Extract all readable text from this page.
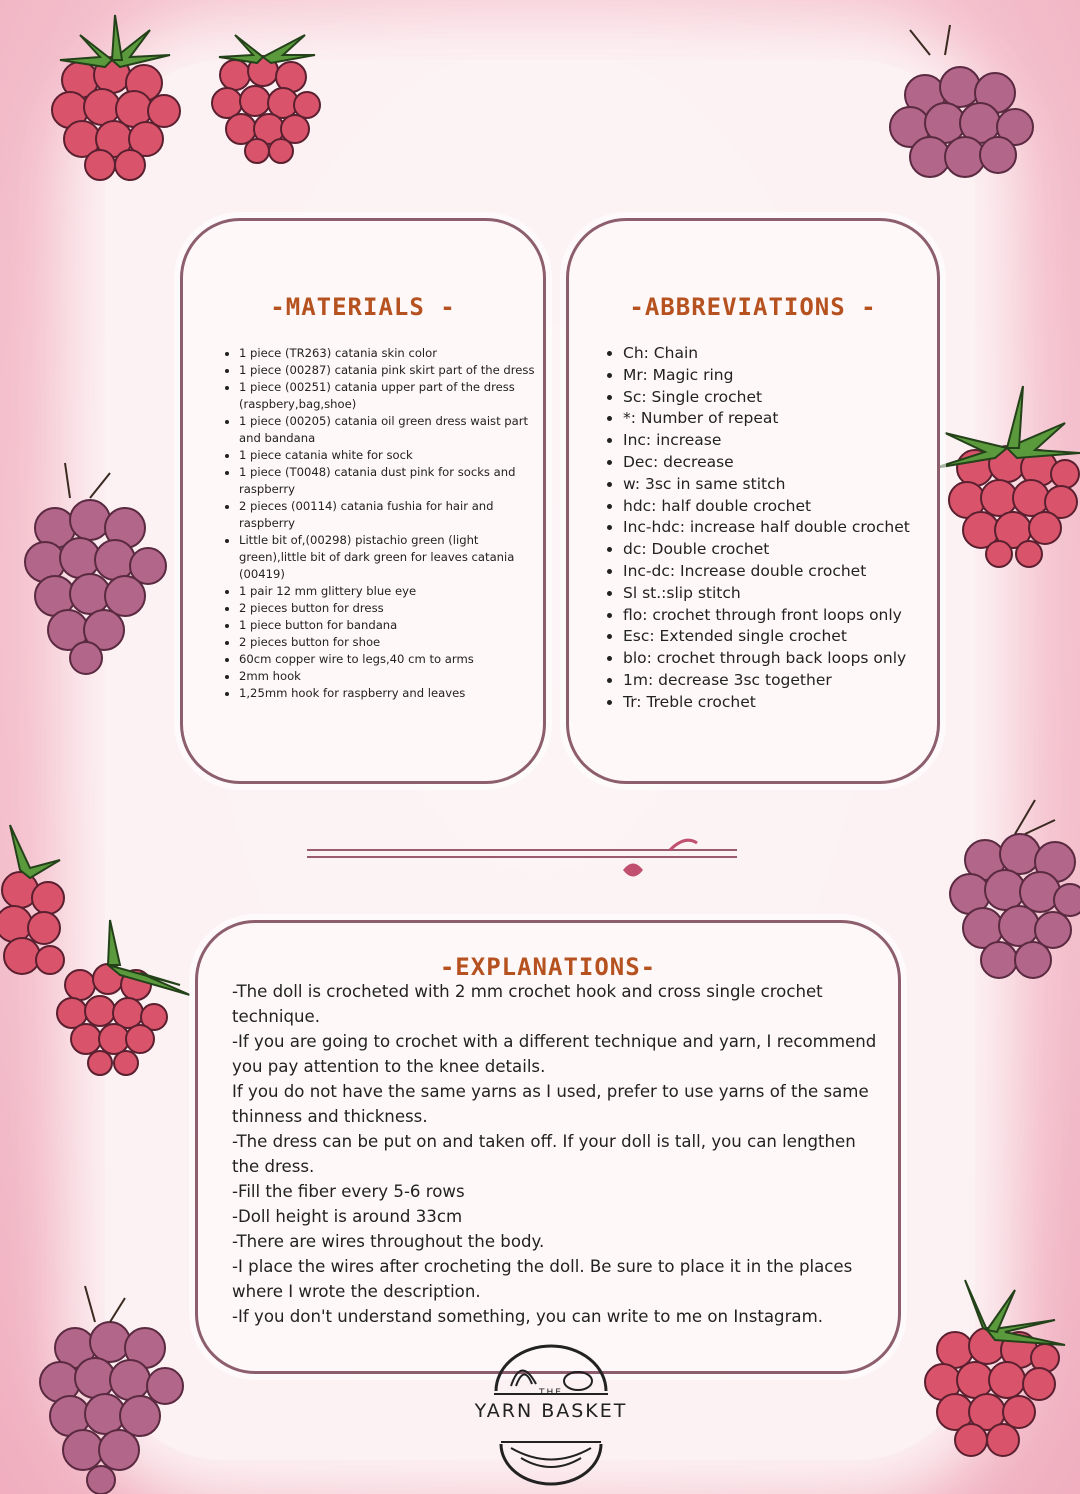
-MATERIALS -
• 1 piece (TR263) catania skin color
• 1 piece (00287) catania pink skirt part of the dress
• 1 piece (00251) catania upper part of the dress (raspbery,bag,shoe)
• 1 piece (00205) catania oil green dress waist part and bandana
• 1 piece catania white for sock
• 1 piece (T0048) catania dust pink for socks and raspberry
• 2 pieces (00114) catania fushia for hair and raspberry
• Little bit of,(00298) pistachio green (light green),little bit of dark green for leaves catania (00419)
• 1 pair 12 mm glittery blue eye
• 2 pieces button for dress
• 1 piece button for bandana
• 2 pieces button for shoe
• 60cm copper wire to legs,40 cm to arms
• 2mm hook
• 1,25mm hook for raspberry and leaves
-ABBREVIATIONS -
• Ch: Chain
• Mr: Magic ring
• Sc: Single crochet
• *: Number of repeat
• Inc: increase
• Dec: decrease
• w: 3sc in same stitch
• hdc: half double crochet
• Inc-hdc: increase half double crochet
• dc: Double crochet
• Inc-dc: Increase double crochet
• Sl st.:slip stitch
• flo: crochet through front loops only
• Esc: Extended single crochet
• blo: crochet through back loops only
• 1m: decrease 3sc together
• Tr: Treble crochet
-EXPLANATIONS-

-The doll is crocheted with 2 mm crochet hook and cross single crochet technique.

-If you are going to crochet with a different technique and yarn, I recommend you pay attention to the knee details.

If you do not have the same yarns as I used, prefer to use yarns of the same thinness and thickness.

-The dress can be put on and taken off. If your doll is tall, you can lengthen the dress.

-Fill the fiber every 5-6 rows

-Doll height is around 33cm

-There are wires throughout the body.

-I place the wires after crocheting the doll. Be sure to place it in the places where I wrote the description.

-If you don't understand something, you can write to me on Instagram.

THE
YARN BASKET
